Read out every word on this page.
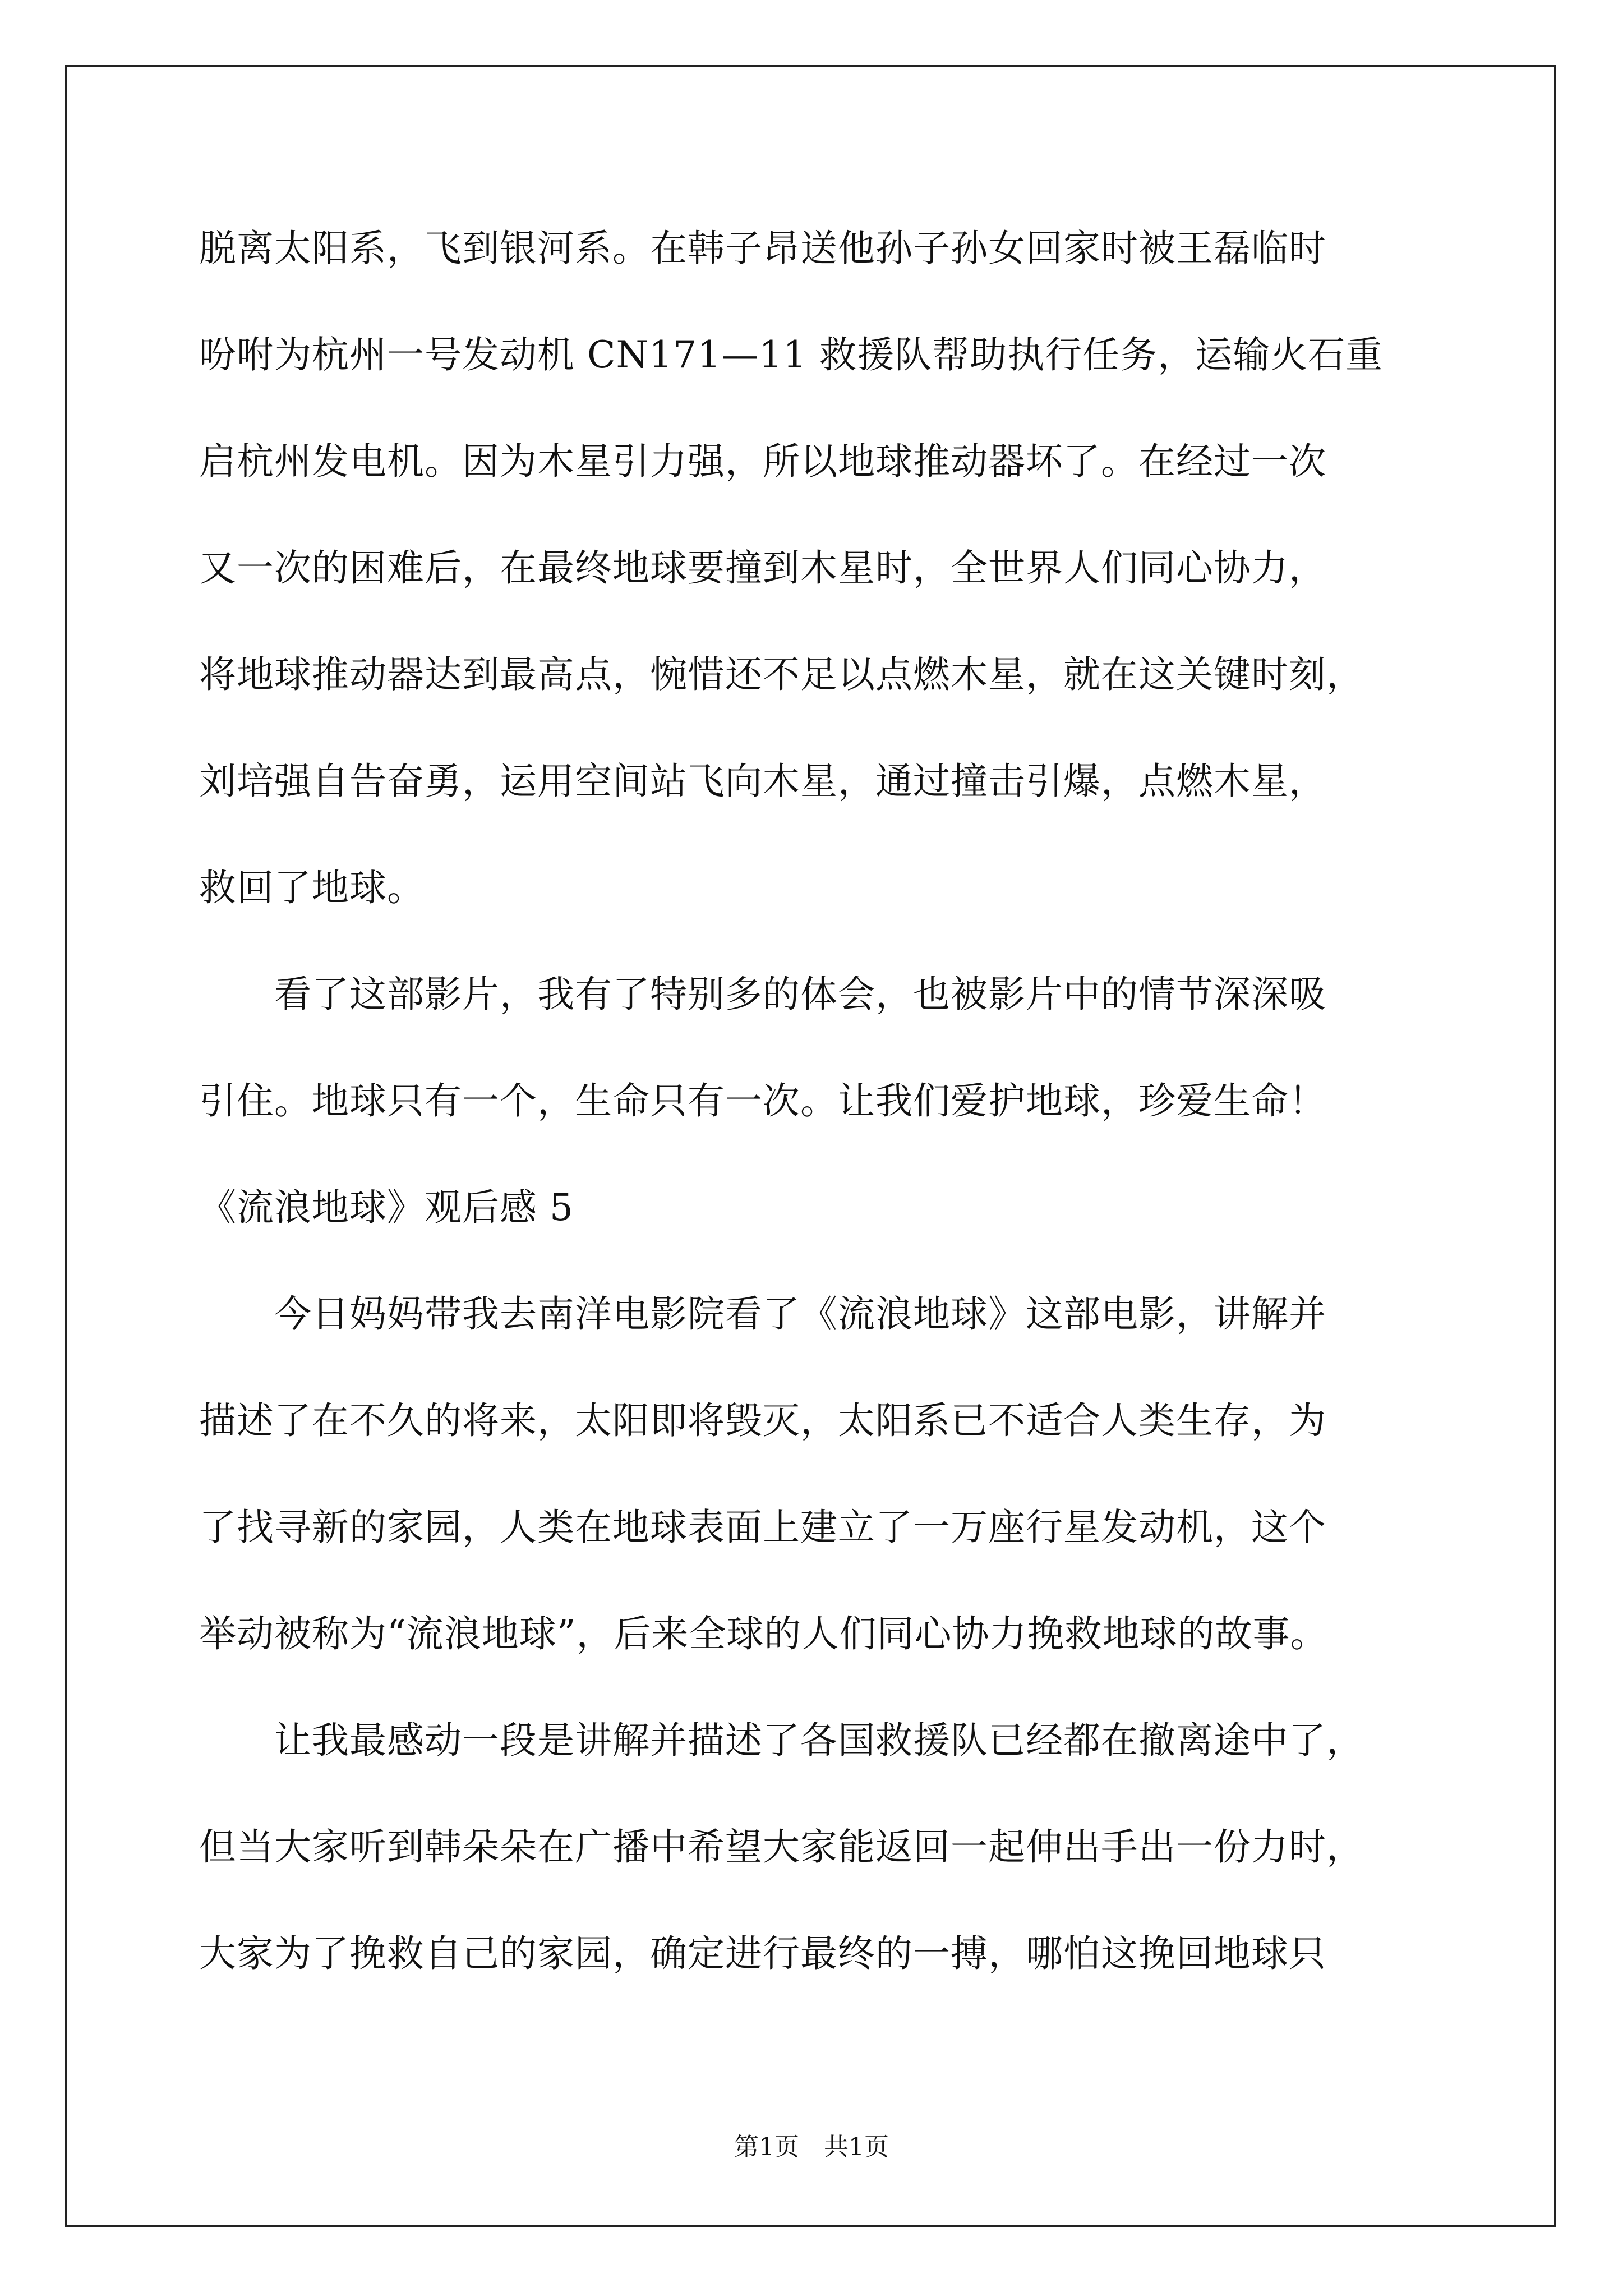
脱离太阳系，飞到银河系。在韩子昂送他孙子孙女回家时被王磊临时
吩咐为杭州一号发动机 CN171—11 救援队帮助执行任务，运输火石重
启杭州发电机。因为木星引力强，所以地球推动器坏了。在经过一次
又一次的困难后，在最终地球要撞到木星时，全世界人们同心协力，
将地球推动器达到最高点，惋惜还不足以点燃木星，就在这关键时刻，
刘培强自告奋勇，运用空间站飞向木星，通过撞击引爆，点燃木星，
救回了地球。
　　看了这部影片，我有了特别多的体会，也被影片中的情节深深吸
引住。地球只有一个，生命只有一次。让我们爱护地球，珍爱生命！
《流浪地球》观后感 5
　　今日妈妈带我去南洋电影院看了《流浪地球》这部电影，讲解并
描述了在不久的将来，太阳即将毁灭，太阳系已不适合人类生存，为
了找寻新的家园，人类在地球表面上建立了一万座行星发动机，这个
举动被称为“流浪地球”，后来全球的人们同心协力挽救地球的故事。
　　让我最感动一段是讲解并描述了各国救援队已经都在撤离途中了，
但当大家听到韩朵朵在广播中希望大家能返回一起伸出手出一份力时，
大家为了挽救自己的家园，确定进行最终的一搏，哪怕这挽回地球只
第1页　共1页
